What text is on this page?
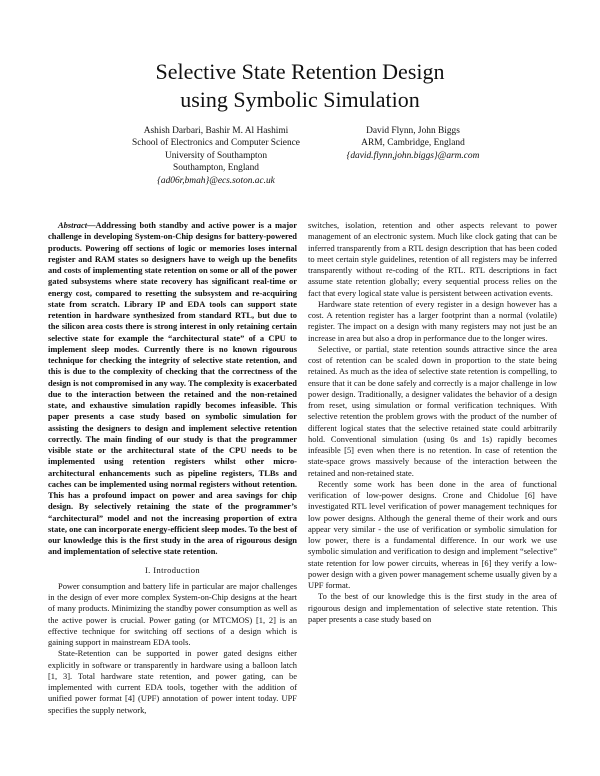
Selective State Retention Design
using Symbolic Simulation
Ashish Darbari, Bashir M. Al Hashimi
School of Electronics and Computer Science
University of Southampton
Southampton, England
{ad06r,bmah}@ecs.soton.ac.uk
David Flynn, John Biggs
ARM, Cambridge, England
{david.flynn,john.biggs}@arm.com

Abstract—Addressing both standby and active power is a major challenge in developing System-on-Chip designs for battery-powered products. Powering off sections of logic or memories loses internal register and RAM states so designers have to weigh up the benefits and costs of implementing state retention on some or all of the power gated subsystems where state recovery has significant real-time or energy cost, compared to resetting the subsystem and re-acquiring state from scratch. Library IP and EDA tools can support state retention in hardware synthesized from standard RTL, but due to the silicon area costs there is strong interest in only retaining certain selective state for example the “architectural state” of a CPU to implement sleep modes. Currently there is no known rigourous technique for checking the integrity of selective state retention, and this is due to the complexity of checking that the correctness of the design is not compromised in any way. The complexity is exacerbated due to the interaction between the retained and the non-retained state, and exhaustive simulation rapidly becomes infeasible. This paper presents a case study based on symbolic simulation for assisting the designers to design and implement selective retention correctly. The main finding of our study is that the programmer visible state or the architectural state of the CPU needs to be implemented using retention registers whilst other micro-architectural enhancements such as pipeline registers, TLBs and caches can be implemented using normal registers without retention. This has a profound impact on power and area savings for chip design. By selectively retaining the state of the programmer’s “architectural” model and not the increasing proportion of extra state, one can incorporate energy-efficient sleep modes. To the best of our knowledge this is the first study in the area of rigourous design and implementation of selective state retention.

I. Introduction

Power consumption and battery life in particular are major challenges in the design of ever more complex System-on-Chip designs at the heart of many products. Minimizing the standby power consumption as well as the active power is crucial. Power gating (or MTCMOS) [1, 2] is an effective technique for switching off sections of a design which is gaining support in mainstream EDA tools.

State-Retention can be supported in power gated designs either explicitly in software or transparently in hardware using a balloon latch [1, 3]. Total hardware state retention, and power gating, can be implemented with current EDA tools, together with the addition of unified power format [4] (UPF) annotation of power intent today. UPF specifies the supply network,

switches, isolation, retention and other aspects relevant to power management of an electronic system. Much like clock gating that can be inferred transparently from a RTL design description that has been coded to meet certain style guidelines, retention of all registers may be inferred transparently without re-coding of the RTL. RTL descriptions in fact assume state retention globally; every sequential process relies on the fact that every logical state value is persistent between activation events.

Hardware state retention of every register in a design however has a cost. A retention register has a larger footprint than a normal (volatile) register. The impact on a design with many registers may not just be an increase in area but also a drop in performance due to the longer wires.

Selective, or partial, state retention sounds attractive since the area cost of retention can be scaled down in proportion to the state being retained. As much as the idea of selective state retention is compelling, to ensure that it can be done safely and correctly is a major challenge in low power design. Traditionally, a designer validates the behavior of a design from reset, using simulation or formal verification techniques. With selective retention the problem grows with the product of the number of different logical states that the selective retained state could arbitrarily hold. Conventional simulation (using 0s and 1s) rapidly becomes infeasible [5] even when there is no retention. In case of retention the state-space grows massively because of the interaction between the retained and non-retained state.

Recently some work has been done in the area of functional verification of low-power designs. Crone and Chidolue [6] have investigated RTL level verification of power management techniques for low power designs. Although the general theme of their work and ours appear very similar - the use of verification or symbolic simulation for low power, there is a fundamental difference. In our work we use symbolic simulation and verification to design and implement “selective” state retention for low power circuits, whereas in [6] they verify a low-power design with a given power management scheme usually given by a UPF format.

To the best of our knowledge this is the first study in the area of rigourous design and implementation of selective state retention. This paper presents a case study based on
